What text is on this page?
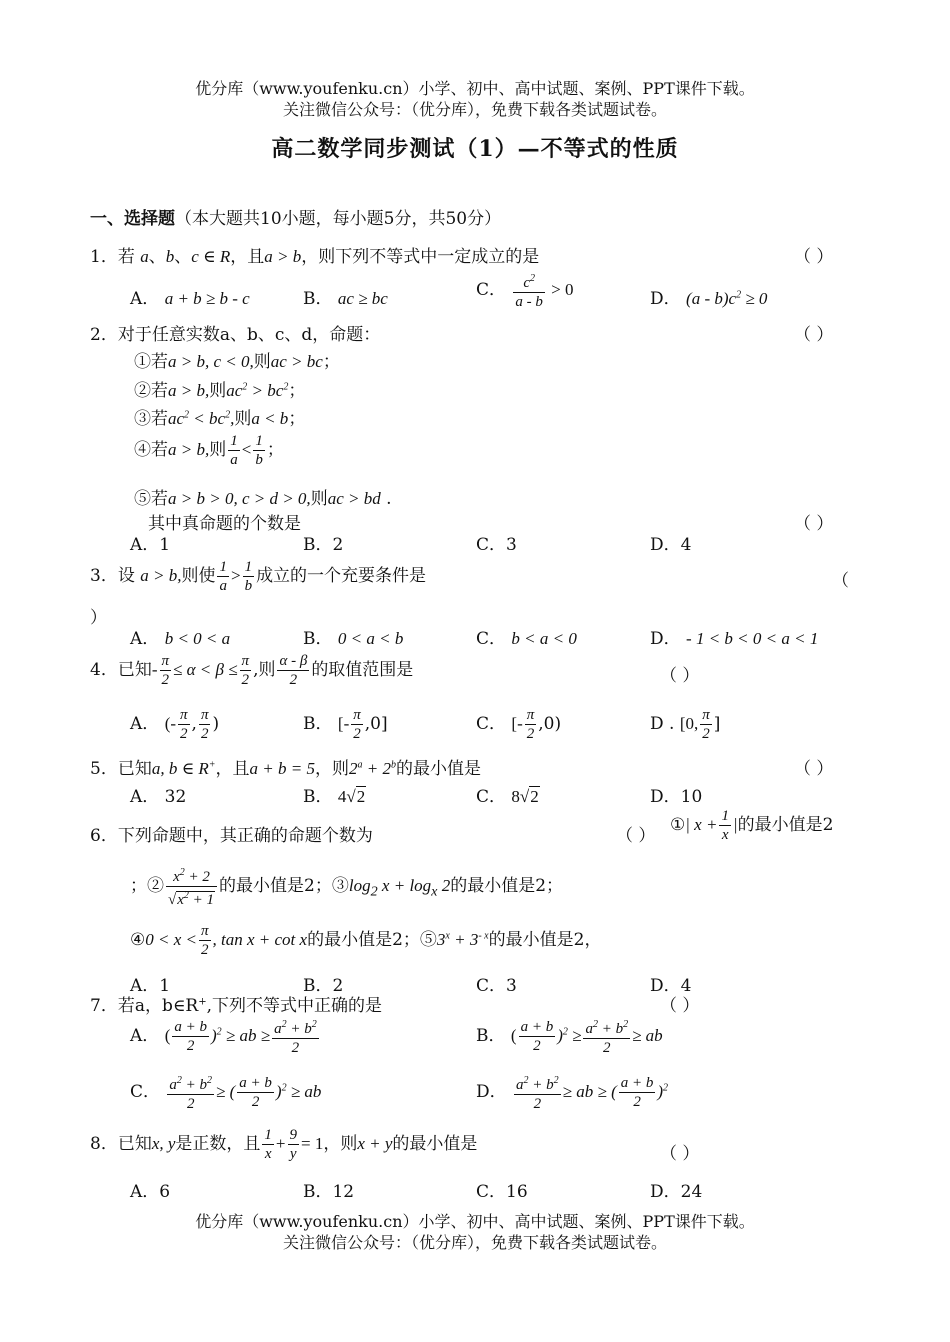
优分库（www.youfenku.cn）小学、初中、高中试题、案例、PPT课件下载。
关注微信公众号：（优分库），免费下载各类试题试卷。
高二数学同步测试（1）—不等式的性质
一、选择题（本大题共10小题，每小题5分，共50分）
1．若 a、b、c ∈ R，且a > b，则下列不等式中一定成立的是	（ ）
A． a + b ≥ b - c	B． ac ≥ bc	C． $\frac{c^2}{a - b} > 0$	D． $(a - b)c^2 \ge 0$
2．对于任意实数a、b、c、d，命题：	（ ）
①若a > b, c < 0,则ac > bc；
②若a > b,则$ac^2 > bc^2$；
③若$ac^2 < bc^2$,则a < b；
④若a > b,则 $\frac{1}{a} < \frac{1}{b}$ ；
⑤若a > b > 0, c > d > 0,则ac > bd .
其中真命题的个数是	（ ）
A．1	B．2	C．3	D．4
3．设 a > b,则使 $\frac{1}{a} > \frac{1}{b}$ 成立的一个充要条件是	（
）
A． b < 0 < a	B． 0 < a < b	C． b < a < 0	D． - 1 < b < 0 < a < 1
4．已知- $\frac{\pi}{2} \le \alpha < \beta \le \frac{\pi}{2}$ ,则 $\frac{\alpha - \beta}{2}$ 的取值范围是	（ ）
A． (- $\frac{\pi}{2}$ , $\frac{\pi}{2}$ )	B． [- $\frac{\pi}{2} ,0$]	C． [- $\frac{\pi}{2} ,0$)	D . [0, $\frac{\pi}{2}$ ]
5．已知a, b ∈ R+，且a + b = 5，则$2^a + 2^b$的最小值是	（ ）
A． 32	B． 4√2	C． 8√2	D．10
6．下列命题中，其正确的命题个数为	（ ）
①| $x + \frac{1}{x}$ |的最小值是2
；② $\frac{x^2 + 2}{√x^2 + 1}$ 的最小值是2；$③\log_2$ $x + \log_x 2$的最小值是2；
④0 < $x < \frac{\pi}{2}$ , tan x + cot x的最小值是2；$⑤3^x + 3^{- x}$的最小值是2，
A．1	B．2	C．3	D．4
7．若a，b∈R+,下列不等式中正确的是	（ ）
A． ( $\frac{a + b}{2} )^2$ ≥ ab ≥ $\frac{a^2 + b^2}{2}$	B． ( $\frac{a + b}{2} )^2 \ge \frac{a^2 + b^2}{2}$ ≥ ab
C． $\frac{a^2 + b^2}{2}$ ≥ ( $\frac{a + b}{2} )^2$ ≥ ab	D． $\frac{a^2 + b^2}{2}$ ≥ ab ≥ ( $\frac{a + b}{2} )^2$
8．已知x, y是正数，且 $\frac{1}{x} + \frac{9}{y} = 1$，则x + y的最小值是	（ ）
A．6	B．12	C．16	D．24
优分库（www.youfenku.cn）小学、初中、高中试题、案例、PPT课件下载。
关注微信公众号：（优分库），免费下载各类试题试卷。
